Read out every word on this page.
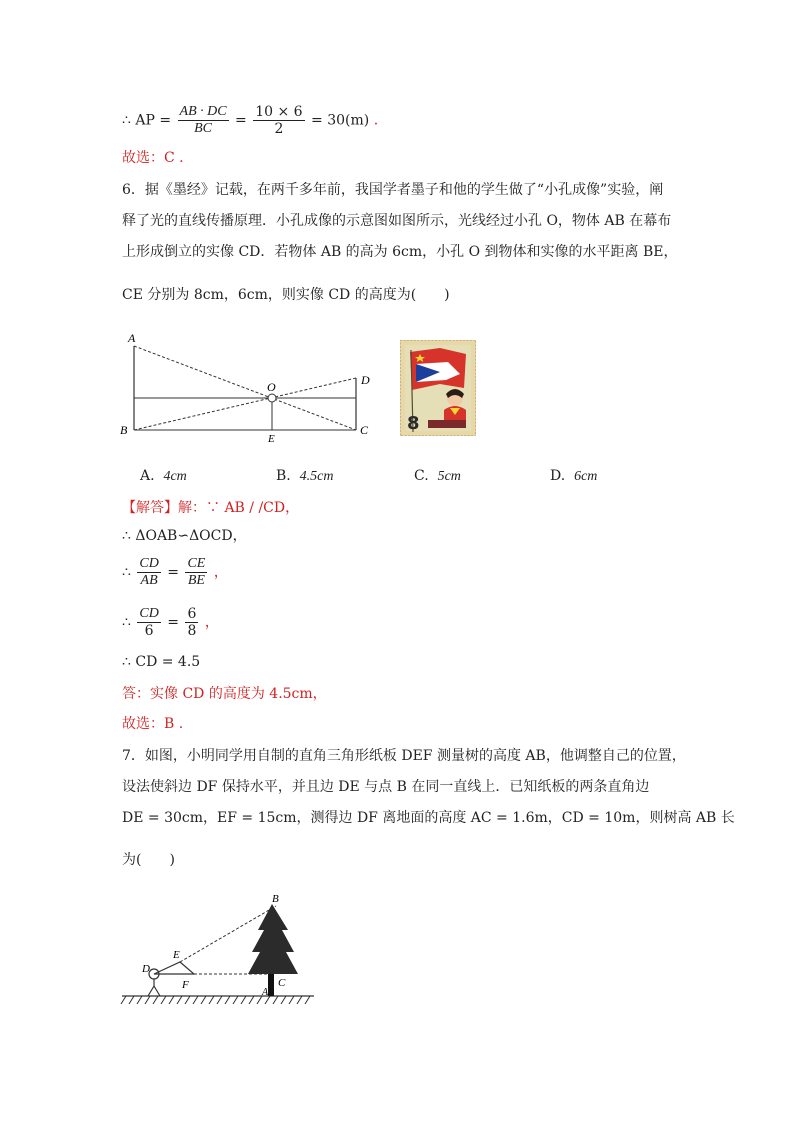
∴ AP = $\frac{AB \cdot DC}{BC} = \frac{10 \times 6}{2} = 30(m)$ .
故选：C .
6．据《墨经》记载，在两千多年前，我国学者墨子和他的学生做了“小孔成像”实验，阐
释了光的直线传播原理．小孔成像的示意图如图所示，光线经过小孔 O，物体 AB 在幕布
上形成倒立的实像 CD．若物体 AB 的高为 6cm，小孔 O 到物体和实像的水平距离 BE，
CE 分别为 8cm，6cm，则实像 CD 的高度为(　　)
A
B
O	D
C
E
8
A. 4cm	B. 4.5cm	C. 5cm	D. 6cm
【解答】解：∵ AB / /CD，
∴ ΔOAB∽ΔOCD，
∴ $\frac{CD}{AB} = \frac{CE}{BE}$ ，
∴ $\frac{CD}{6} = \frac{6}{8}$ ，
∴ CD = 4.5
答：实像 CD 的高度为 4.5cm，
故选：B .
7．如图，小明同学用自制的直角三角形纸板 DEF 测量树的高度 AB，他调整自己的位置，
设法使斜边 DF 保持水平，并且边 DE 与点 B 在同一直线上．已知纸板的两条直角边
DE = 30cm，EF = 15cm，测得边 DF 离地面的高度 AC = 1.6m，CD = 10m，则树高 AB 长
为(　　)
B
E
D
F	C
A
